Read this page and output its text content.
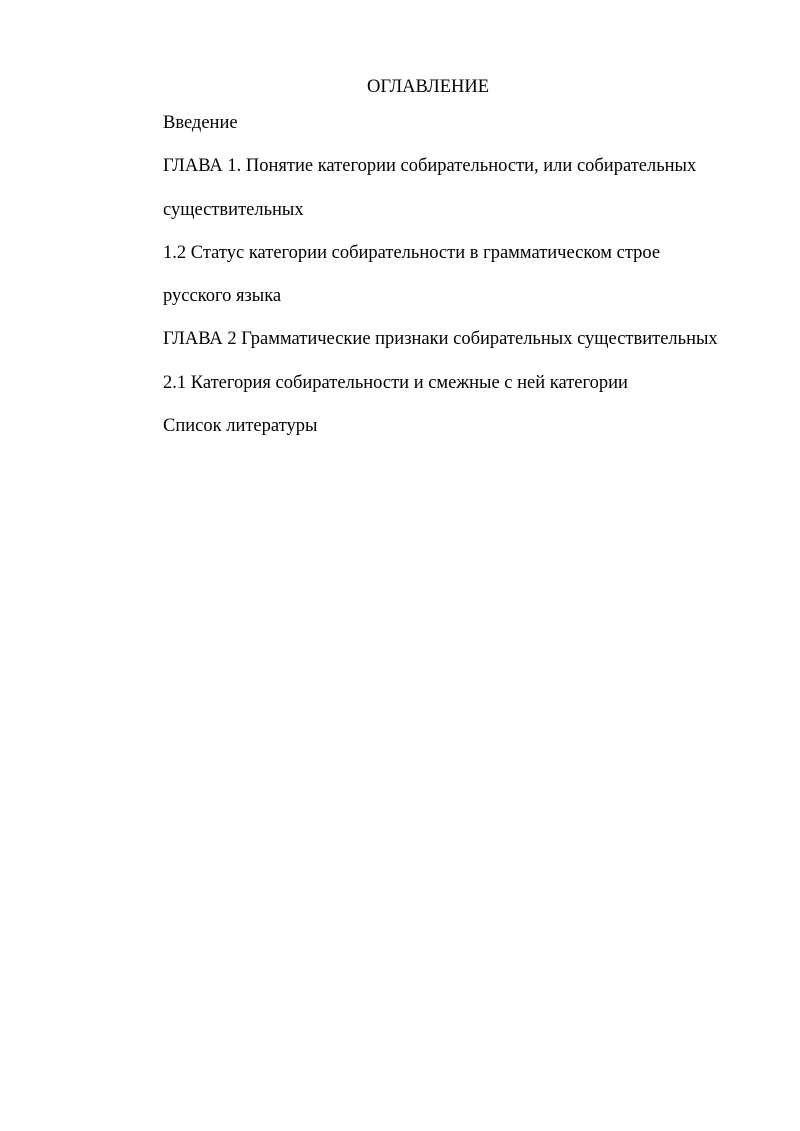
ОГЛАВЛЕНИЕ
Введение
ГЛАВА 1. Понятие категории собирательности, или собирательных
существительных
1.2 Статус категории собирательности в грамматическом строе
русского языка
ГЛАВА 2 Грамматические признаки собирательных существительных
2.1 Категория собирательности и смежные с ней категории
Список литературы
